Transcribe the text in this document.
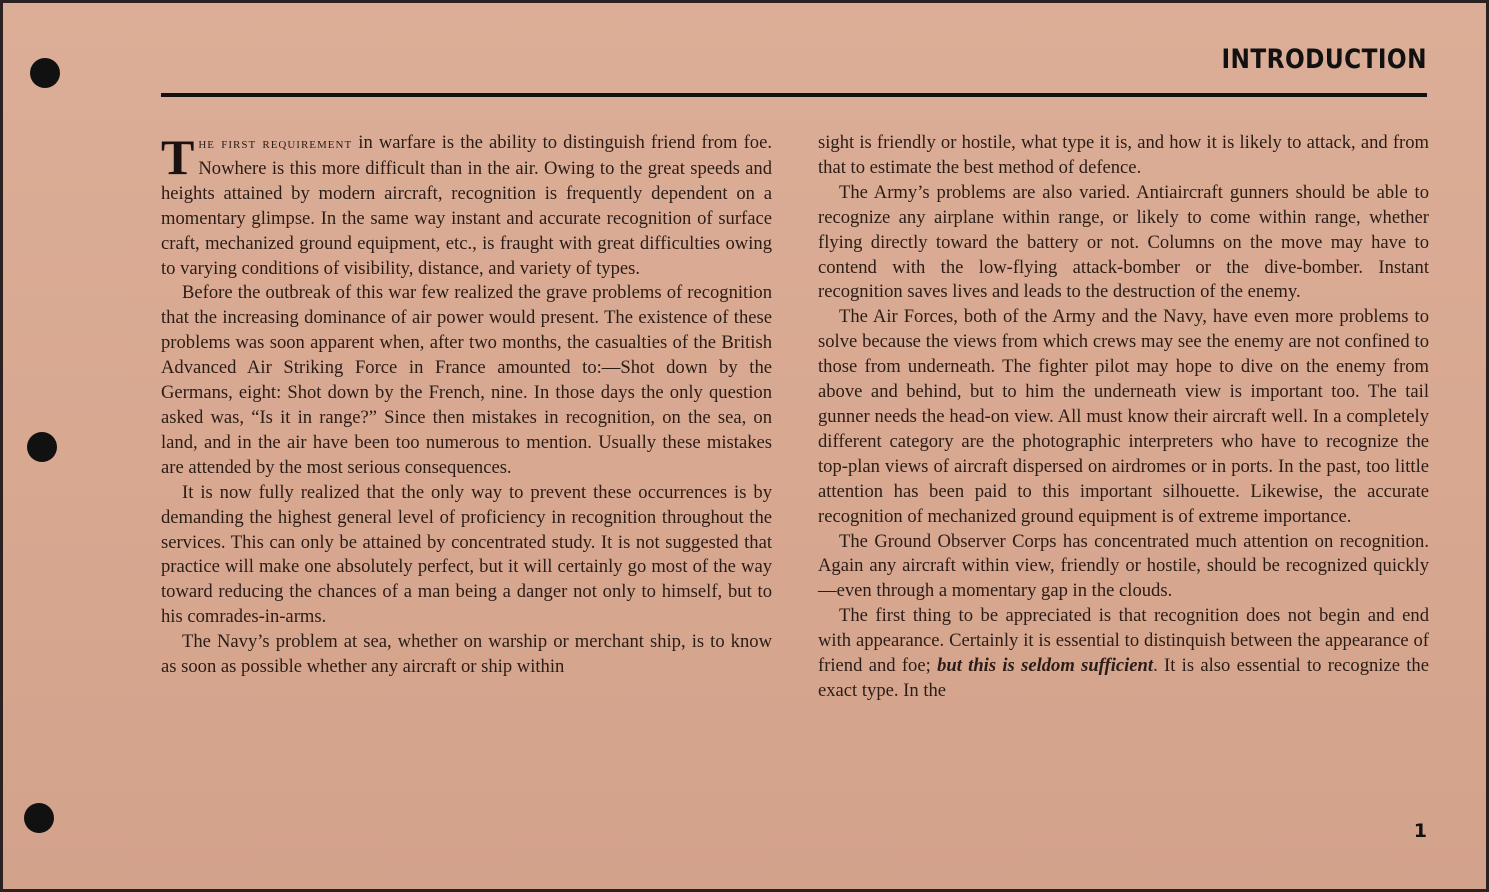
INTRODUCTION

The first requirement in warfare is the ability to distinguish friend from foe. Nowhere is this more difficult than in the air. Owing to the great speeds and heights attained by modern aircraft, recognition is frequently dependent on a momentary glimpse. In the same way instant and accurate recognition of surface craft, mechanized ground equipment, etc., is fraught with great difficulties owing to varying conditions of visibility, distance, and variety of types.

Before the outbreak of this war few realized the grave problems of recognition that the increasing dominance of air power would present. The existence of these problems was soon apparent when, after two months, the casualties of the British Advanced Air Striking Force in France amounted to:—Shot down by the Germans, eight: Shot down by the French, nine. In those days the only question asked was, “Is it in range?” Since then mistakes in recognition, on the sea, on land, and in the air have been too numerous to mention. Usually these mistakes are attended by the most serious consequences.

It is now fully realized that the only way to prevent these occurrences is by demanding the highest general level of proficiency in recognition throughout the services. This can only be attained by concentrated study. It is not suggested that practice will make one absolutely perfect, but it will certainly go most of the way toward reducing the chances of a man being a danger not only to himself, but to his comrades-in-arms.

The Navy’s problem at sea, whether on warship or merchant ship, is to know as soon as possible whether any aircraft or ship within

sight is friendly or hostile, what type it is, and how it is likely to attack, and from that to estimate the best method of defence.

The Army’s problems are also varied. Antiaircraft gunners should be able to recognize any airplane within range, or likely to come within range, whether flying directly toward the battery or not. Columns on the move may have to contend with the low-flying attack-bomber or the dive-bomber. Instant recognition saves lives and leads to the destruction of the enemy.

The Air Forces, both of the Army and the Navy, have even more problems to solve because the views from which crews may see the enemy are not confined to those from underneath. The fighter pilot may hope to dive on the enemy from above and behind, but to him the underneath view is important too. The tail gunner needs the head-on view. All must know their aircraft well. In a completely different category are the photographic interpreters who have to recognize the top-plan views of aircraft dispersed on airdromes or in ports. In the past, too little attention has been paid to this important silhouette. Likewise, the accurate recognition of mechanized ground equipment is of extreme importance.

The Ground Observer Corps has concentrated much attention on recognition. Again any aircraft within view, friendly or hostile, should be recognized quickly—even through a momentary gap in the clouds.

The first thing to be appreciated is that recognition does not begin and end with appearance. Certainly it is essential to distinquish between the appearance of friend and foe; but this is seldom sufficient. It is also essential to recognize the exact type. In the

1
